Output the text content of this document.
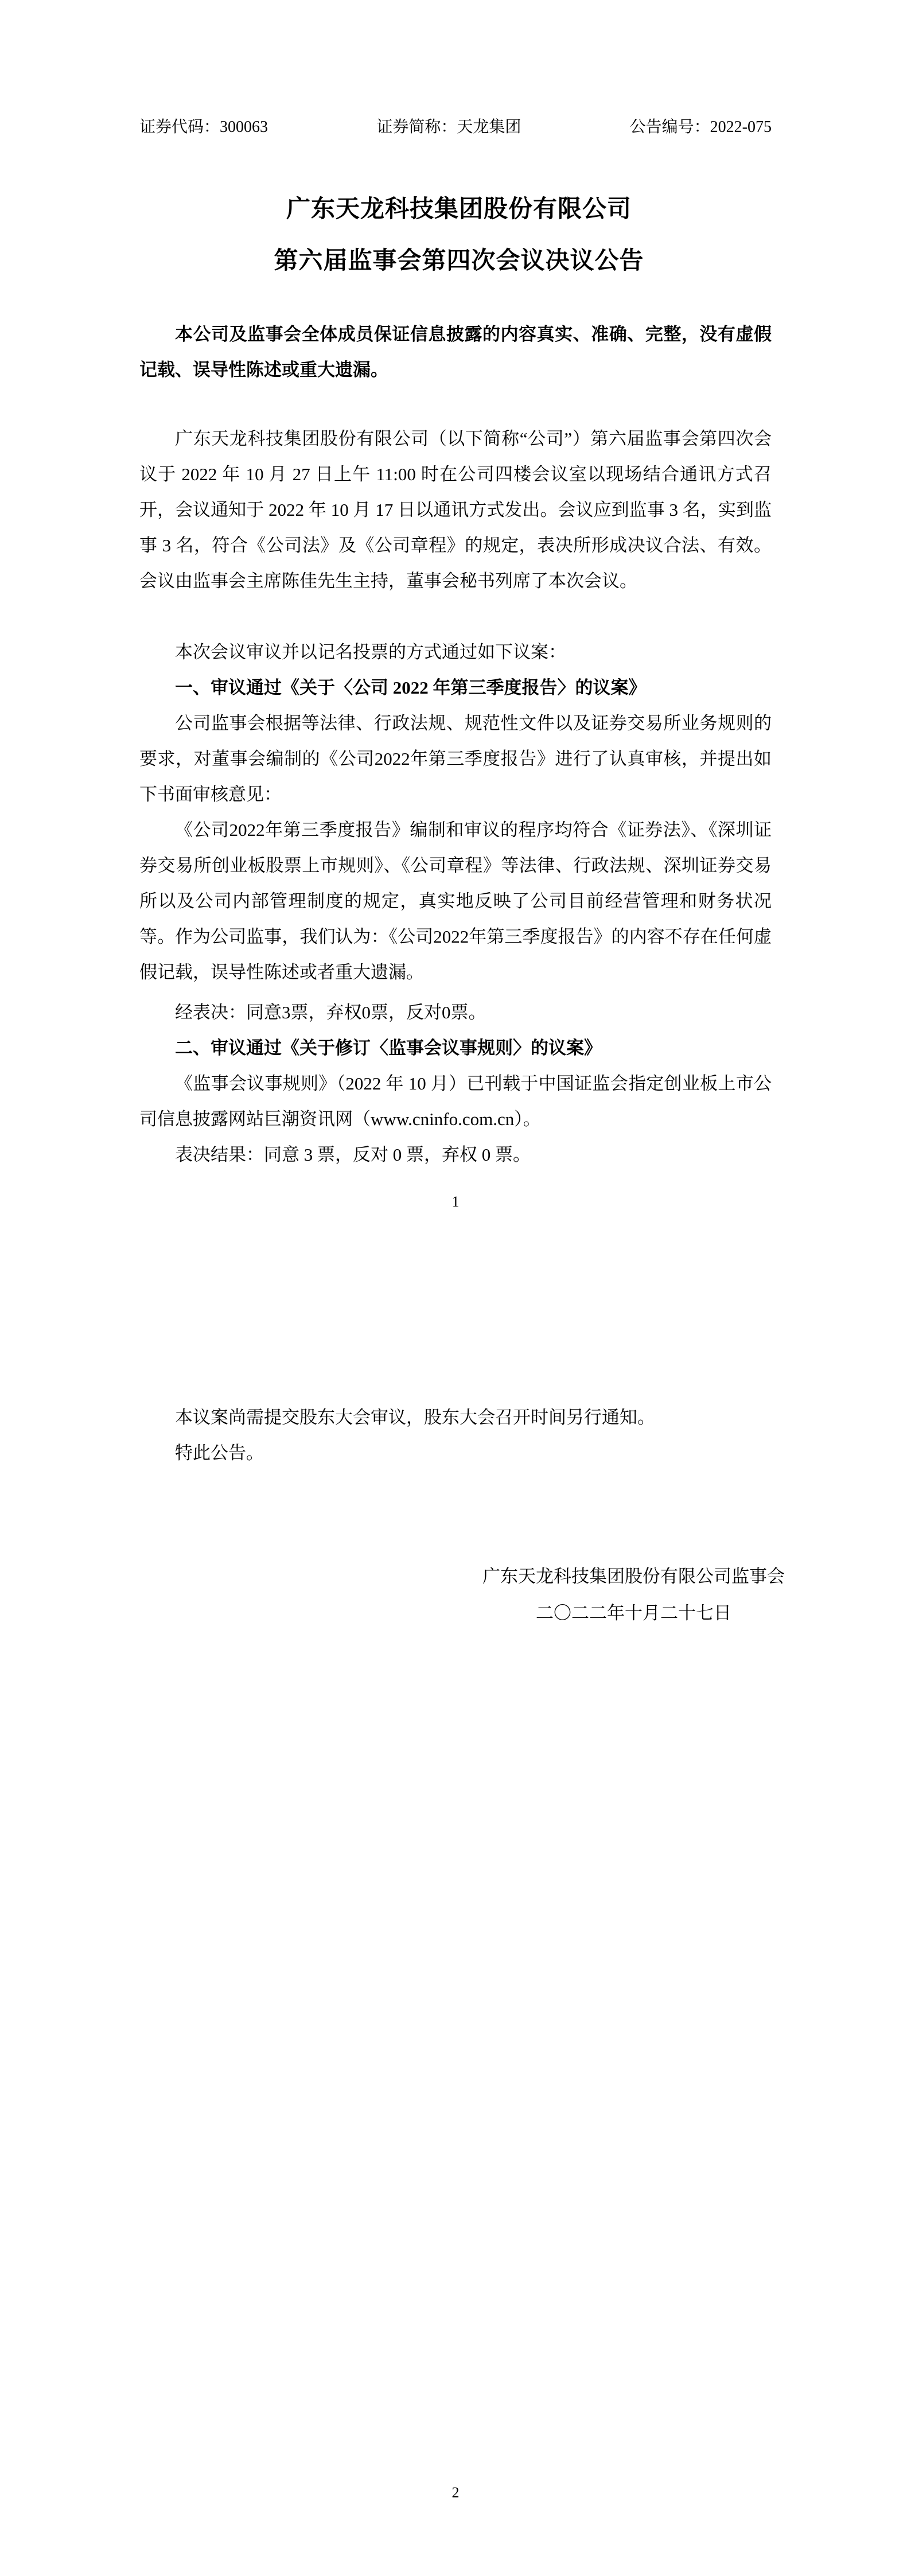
证券代码：300063	证券简称：天龙集团	公告编号：2022-075
广东天龙科技集团股份有限公司
第六届监事会第四次会议决议公告

本公司及监事会全体成员保证信息披露的内容真实、准确、完整，没有虚假记载、误导性陈述或重大遗漏。

广东天龙科技集团股份有限公司（以下简称“公司”）第六届监事会第四次会议于 2022 年 10 月 27 日上午 11:00 时在公司四楼会议室以现场结合通讯方式召开，会议通知于 2022 年 10 月 17 日以通讯方式发出。会议应到监事 3 名，实到监事 3 名，符合《公司法》及《公司章程》的规定，表决所形成决议合法、有效。会议由监事会主席陈佳先生主持，董事会秘书列席了本次会议。

本次会议审议并以记名投票的方式通过如下议案：

一、审议通过《关于〈公司 2022 年第三季度报告〉的议案》

公司监事会根据等法律、行政法规、规范性文件以及证券交易所业务规则的要求，对董事会编制的《公司2022年第三季度报告》进行了认真审核，并提出如下书面审核意见：

《公司2022年第三季度报告》编制和审议的程序均符合《证券法》、《深圳证券交易所创业板股票上市规则》、《公司章程》等法律、行政法规、深圳证券交易所以及公司内部管理制度的规定，真实地反映了公司目前经营管理和财务状况等。作为公司监事，我们认为：《公司2022年第三季度报告》的内容不存在任何虚假记载，误导性陈述或者重大遗漏。

经表决：同意3票，弃权0票，反对0票。

二、审议通过《关于修订〈监事会议事规则〉的议案》

《监事会议事规则》（2022 年 10 月）已刊载于中国证监会指定创业板上市公司信息披露网站巨潮资讯网（www.cninfo.com.cn）。

表决结果：同意 3 票，反对 0 票，弃权 0 票。

1

本议案尚需提交股东大会审议，股东大会召开时间另行通知。

特此公告。

广东天龙科技集团股份有限公司监事会
二〇二二年十月二十七日
2
